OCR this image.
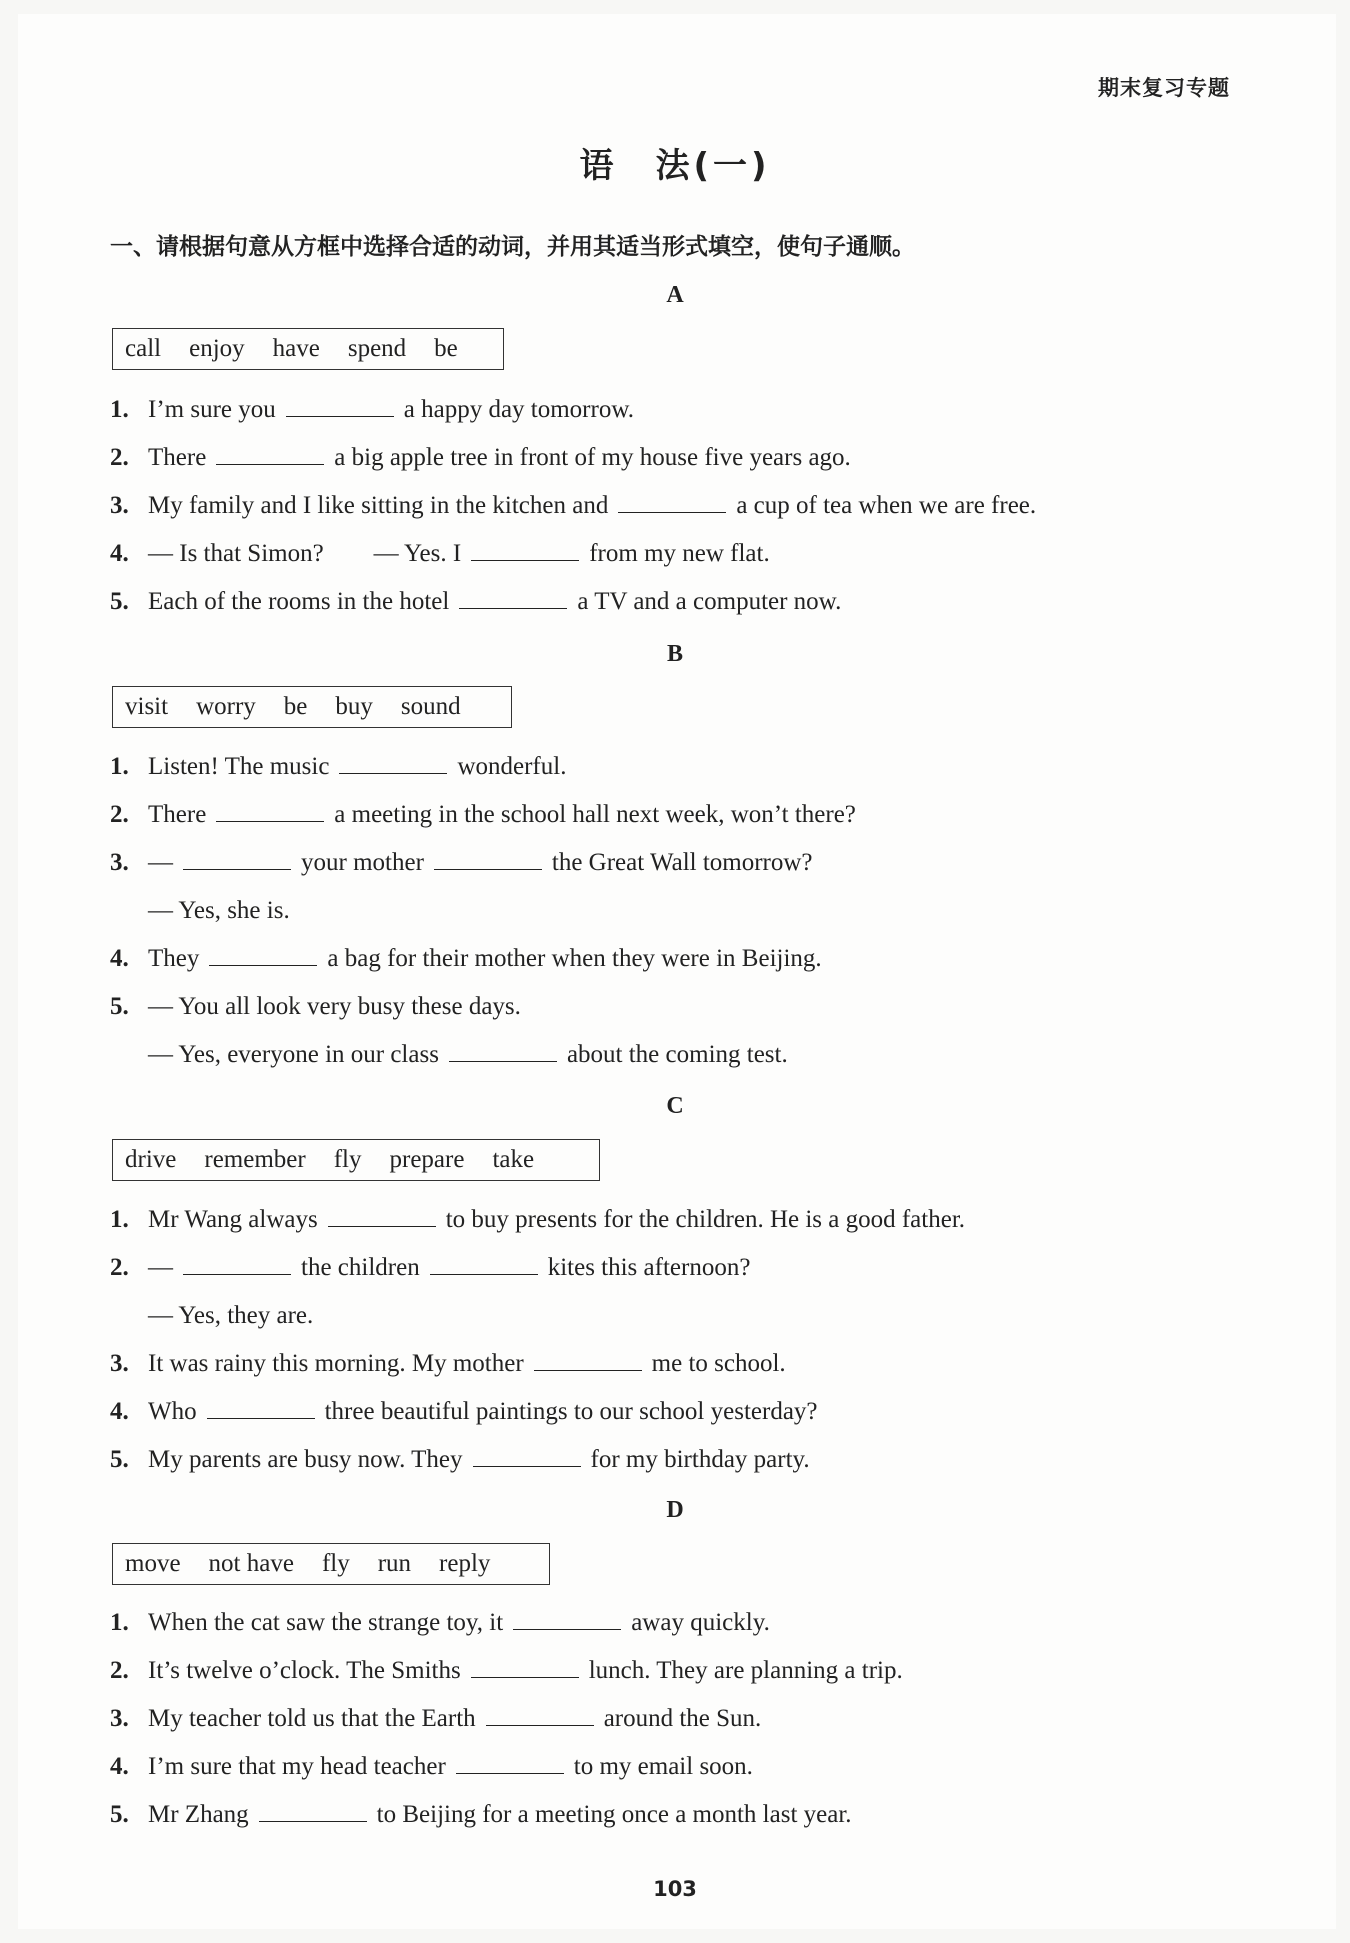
期末复习专题
语　法(一)
一、请根据句意从方框中选择合适的动词，并用其适当形式填空，使句子通顺。
A
call enjoy have spend be
1. I’m sure you	a happy day tomorrow.
2. There	a big apple tree in front of my house five years ago.
3. My family and I like sitting in the kitchen and	a cup of tea when we are free.
4. — Is that Simon?　　— Yes. I	from my new flat.
5. Each of the rooms in the hotel	a TV and a computer now.
B
visit worry be buy sound
1. Listen! The music	wonderful.
2. There	a meeting in the school hall next week, won’t there?
3. —	your mother	the Great Wall tomorrow?
— Yes, she is.
4. They	a bag for their mother when they were in Beijing.
5. — You all look very busy these days.
— Yes, everyone in our class	about the coming test.
C
drive remember fly prepare take
1. Mr Wang always	to buy presents for the children. He is a good father.
2. —	the children	kites this afternoon?
— Yes, they are.
3. It was rainy this morning. My mother	me to school.
4. Who	three beautiful paintings to our school yesterday?
5. My parents are busy now. They	for my birthday party.
D
move not have fly run reply
1. When the cat saw the strange toy, it	away quickly.
2. It’s twelve o’clock. The Smiths	lunch. They are planning a trip.
3. My teacher told us that the Earth	around the Sun.
4. I’m sure that my head teacher	to my email soon.
5. Mr Zhang	to Beijing for a meeting once a month last year.
103
